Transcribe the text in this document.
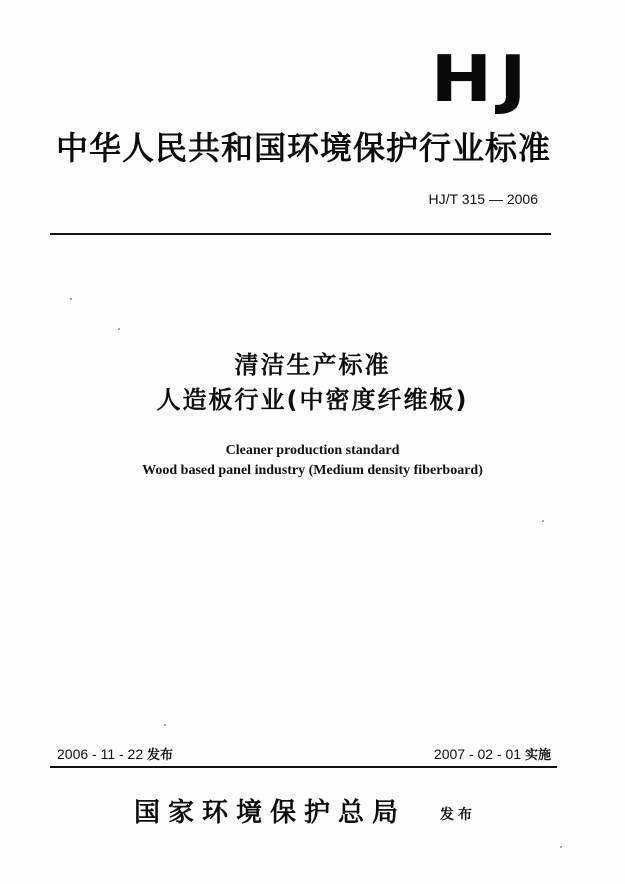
HJ
中华人民共和国环境保护行业标准
HJ/T 315 — 2006
清洁生产标准
人造板行业(中密度纤维板)
Cleaner production standard
Wood based panel industry (Medium density fiberboard)
2006 - 11 - 22 发布	2007 - 02 - 01 实施
国家环境保护总局 发布
